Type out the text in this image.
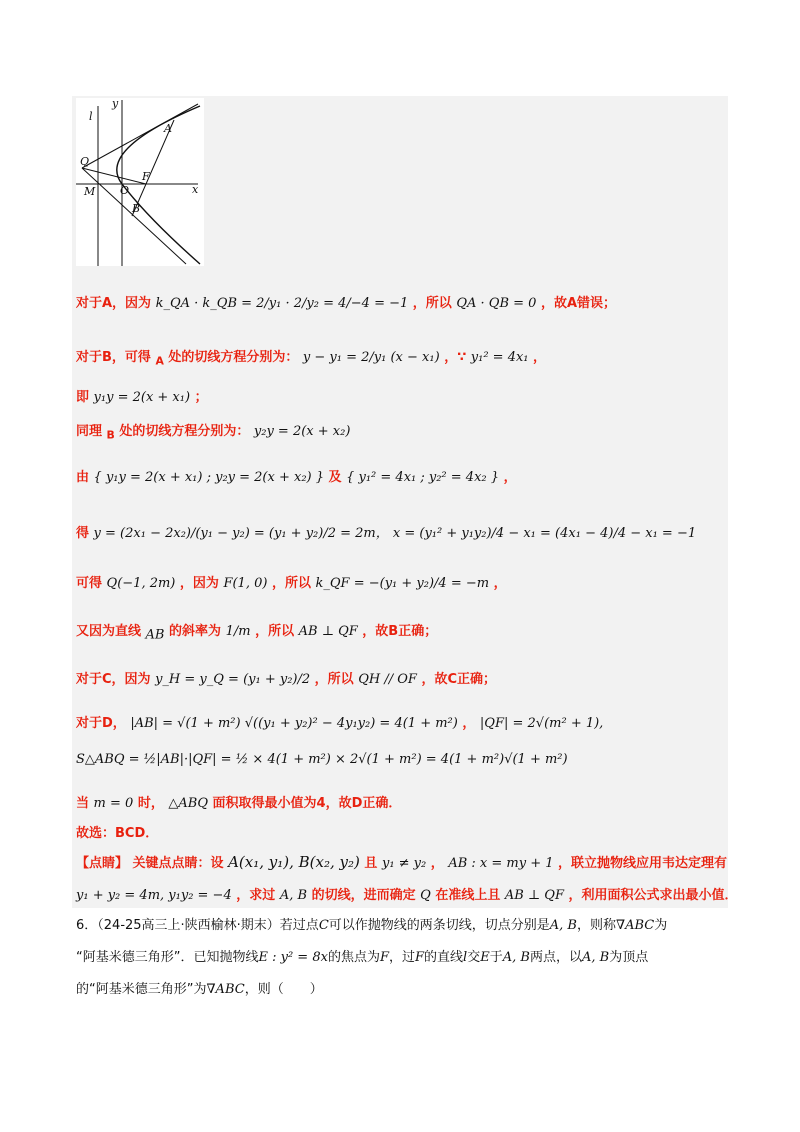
y
x
l
A
B
Q
M O
F
对于A，因为 k_QA · k_QB = 2/y₁ · 2/y₂ = 4/−4 = −1 ，所以 QA · QB = 0 ，故A错误；
对于B，可得 $_A$ 处的切线方程分别为： y − y₁ = 2/y₁ (x − x₁) ，∵ y₁² = 4x₁ ，
即 y₁y = 2(x + x₁) ；
同理 $_B$ 处的切线方程分别为： y₂y = 2(x + x₂)
由 { y₁y = 2(x + x₁) ; y₂y = 2(x + x₂) } 及 { y₁² = 4x₁ ; y₂² = 4x₂ } ，
得 y = (2x₁ − 2x₂)/(y₁ − y₂) = (y₁ + y₂)/2 = 2m， x = (y₁² + y₁y₂)/4 − x₁ = (4x₁ − 4)/4 − x₁ = −1
可得 Q(−1, 2m) ，因为 F(1, 0) ，所以 k_QF = −(y₁ + y₂)/4 = −m ，
又因为直线 $_{AB}$ 的斜率为 1/m ，所以 AB ⊥ QF ，故B正确；
对于C，因为 y_H = y_Q = (y₁ + y₂)/2 ，所以 QH // OF ，故C正确；
对于D， |AB| = √(1 + m²) √((y₁ + y₂)² − 4y₁y₂) = 4(1 + m²) ， |QF| = 2√(m² + 1),
S△ABQ = ½|AB|·|QF| = ½ × 4(1 + m²) × 2√(1 + m²) = 4(1 + m²)√(1 + m²)
当 m = 0 时， △ABQ 面积取得最小值为4，故D正确．
故选：BCD．
【点睛】 关键点点睛：设 A(x₁, y₁), B(x₂, y₂) 且 y₁ ≠ y₂ ， AB : x = my + 1 ，联立抛物线应用韦达定理有
y₁ + y₂ = 4m, y₁y₂ = −4 ，求过 A, B 的切线，进而确定 Q 在准线上且 AB ⊥ QF ，利用面积公式求出最小值．
6．（24-25高三上·陕西榆林·期末）若过点C可以作抛物线的两条切线，切点分别是A, B，则称∇ABC为
“阿基米德三角形”．已知抛物线E : y² = 8x的焦点为F，过F的直线l交E于A, B两点，以A, B为顶点
的“阿基米德三角形”为∇ABC，则（　　）
